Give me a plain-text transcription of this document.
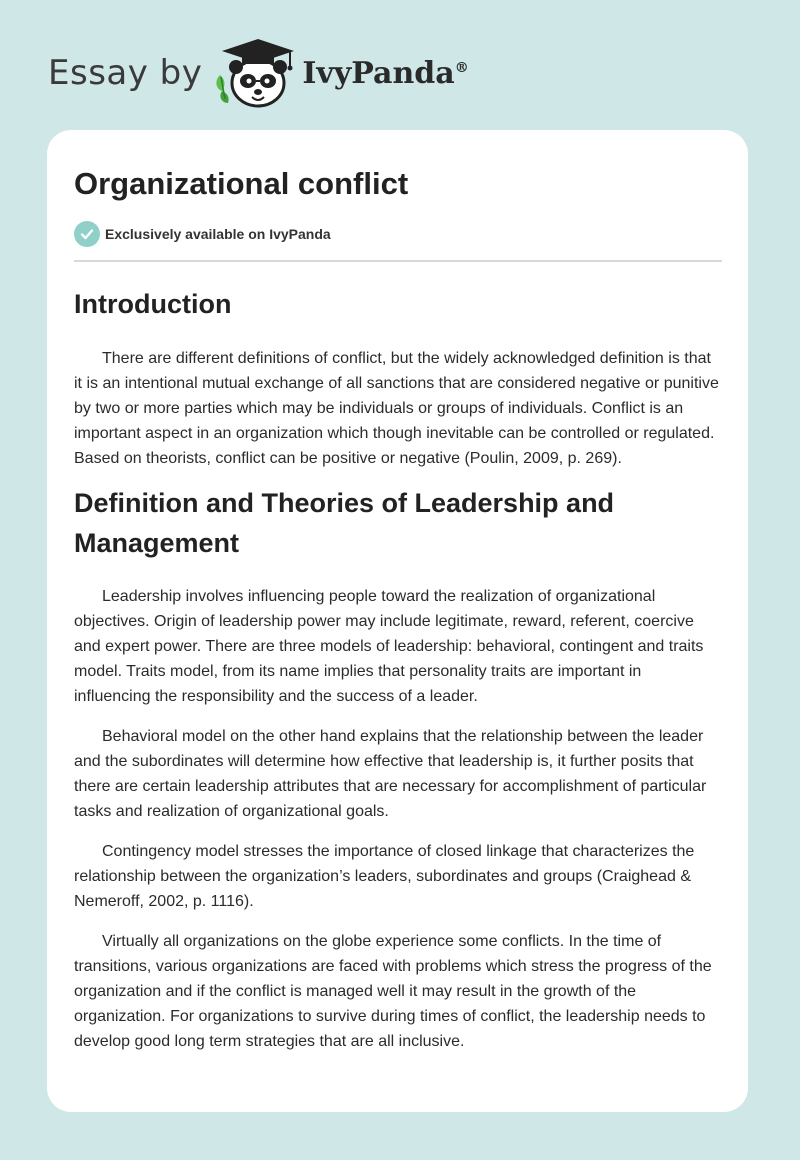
Essay by	IvyPanda®
Organizational conflict
Exclusively available on IvyPanda
Introduction

There are different definitions of conflict, but the widely acknowledged definition is that it is an intentional mutual exchange of all sanctions that are considered negative or punitive by two or more parties which may be individuals or groups of individuals. Conflict is an important aspect in an organization which though inevitable can be controlled or regulated. Based on theorists, conflict can be positive or negative (Poulin, 2009, p. 269).

Definition and Theories of Leadership and Management

Leadership involves influencing people toward the realization of organizational objectives. Origin of leadership power may include legitimate, reward, referent, coercive and expert power. There are three models of leadership: behavioral, contingent and traits model. Traits model, from its name implies that personality traits are important in influencing the responsibility and the success of a leader.

Behavioral model on the other hand explains that the relationship between the leader and the subordinates will determine how effective that leadership is, it further posits that there are certain leadership attributes that are necessary for accomplishment of particular tasks and realization of organizational goals.

Contingency model stresses the importance of closed linkage that characterizes the relationship between the organization’s leaders, subordinates and groups (Craighead & Nemeroff, 2002, p. 1116).

Virtually all organizations on the globe experience some conflicts. In the time of transitions, various organizations are faced with problems which stress the progress of the organization and if the conflict is managed well it may result in the growth of the organization. For organizations to survive during times of conflict, the leadership needs to develop good long term strategies that are all inclusive.
